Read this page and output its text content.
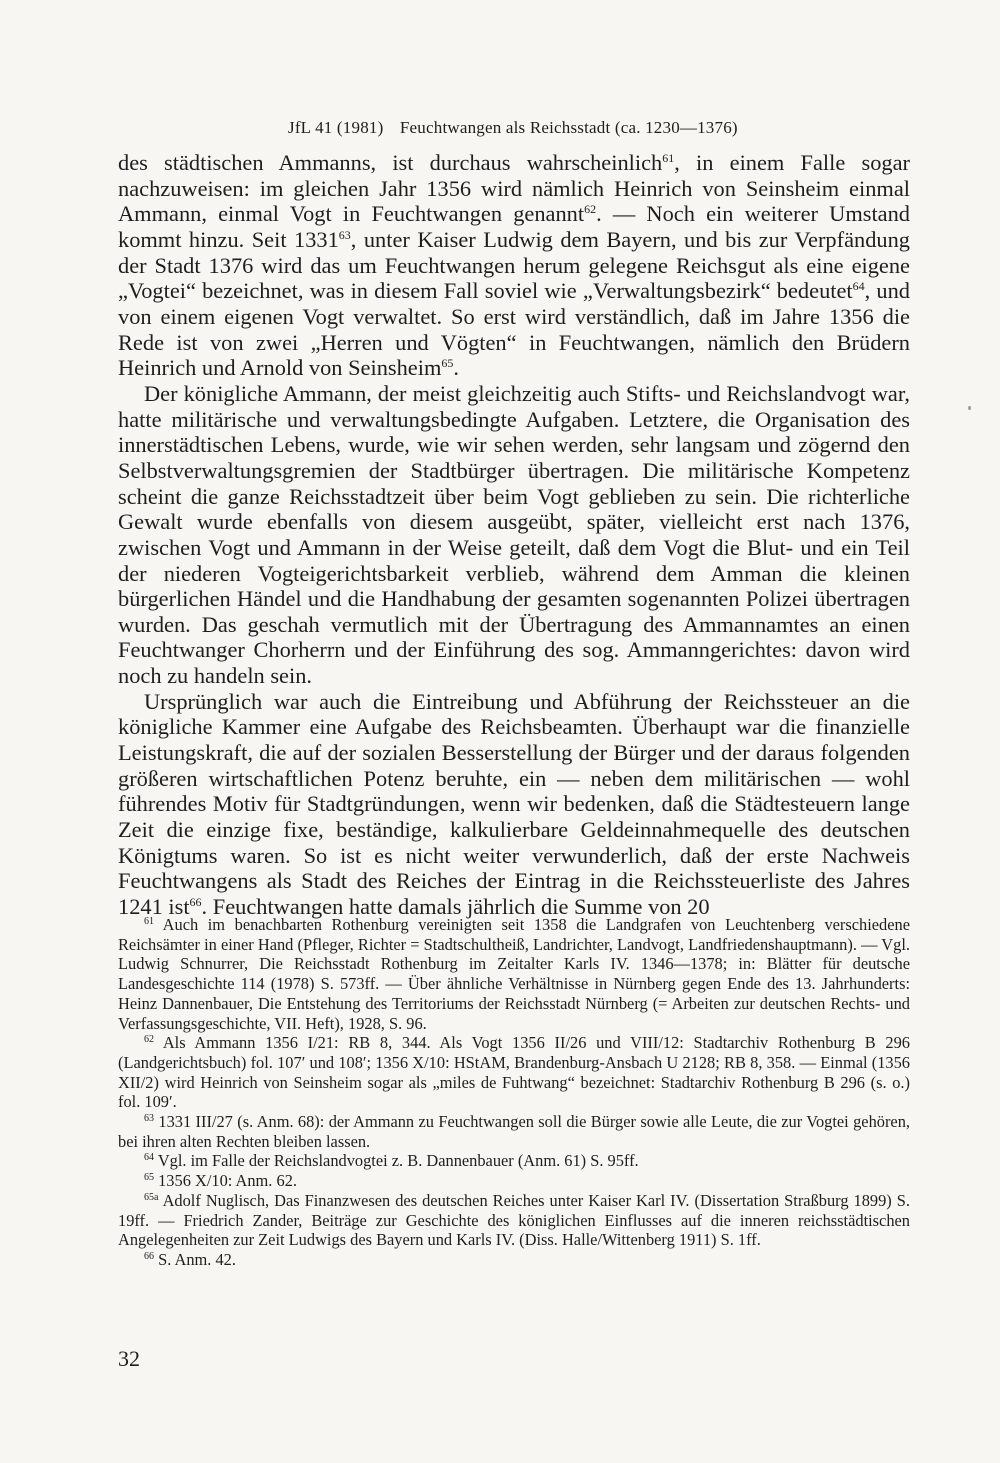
JfL 41 (1981) Feuchtwangen als Reichsstadt (ca. 1230—1376)

des städtischen Ammanns, ist durchaus wahrscheinlich$^{61}$, in einem Falle sogar nachzuweisen: im gleichen Jahr 1356 wird nämlich Heinrich von Seinsheim einmal Ammann, einmal Vogt in Feuchtwangen genannt$^{62}$. — Noch ein weiterer Umstand kommt hinzu. Seit 1331$^{63}$, unter Kaiser Ludwig dem Bayern, und bis zur Verpfändung der Stadt 1376 wird das um Feuchtwangen herum gelegene Reichsgut als eine eigene „Vogtei“ bezeichnet, was in diesem Fall soviel wie „Verwaltungsbezirk“ bedeutet$^{64}$, und von einem eigenen Vogt verwaltet. So erst wird verständlich, daß im Jahre 1356 die Rede ist von zwei „Herren und Vögten“ in Feuchtwangen, nämlich den Brüdern Heinrich und Arnold von Seinsheim$^{65}$.

Der königliche Ammann, der meist gleichzeitig auch Stifts- und Reichslandvogt war, hatte militärische und verwaltungsbedingte Aufgaben. Letztere, die Organisation des innerstädtischen Lebens, wurde, wie wir sehen werden, sehr langsam und zögernd den Selbstverwaltungsgremien der Stadtbürger übertragen. Die militärische Kompetenz scheint die ganze Reichsstadtzeit über beim Vogt geblieben zu sein. Die richterliche Gewalt wurde ebenfalls von diesem ausgeübt, später, vielleicht erst nach 1376, zwischen Vogt und Ammann in der Weise geteilt, daß dem Vogt die Blut- und ein Teil der niederen Vogteigerichtsbarkeit verblieb, während dem Amman die kleinen bürgerlichen Händel und die Handhabung der gesamten sogenannten Polizei übertragen wurden. Das geschah vermutlich mit der Übertragung des Ammannamtes an einen Feuchtwanger Chorherrn und der Einführung des sog. Ammanngerichtes: davon wird noch zu handeln sein.

Ursprünglich war auch die Eintreibung und Abführung der Reichssteuer an die königliche Kammer eine Aufgabe des Reichsbeamten. Überhaupt war die finanzielle Leistungskraft, die auf der sozialen Besserstellung der Bürger und der daraus folgenden größeren wirtschaftlichen Potenz beruhte, ein — neben dem militärischen — wohl führendes Motiv für Stadtgründungen, wenn wir bedenken, daß die Städtesteuern lange Zeit die einzige fixe, beständige, kalkulierbare Geldeinnahmequelle des deutschen Königtums waren. So ist es nicht weiter verwunderlich, daß der erste Nachweis Feuchtwangens als Stadt des Reiches der Eintrag in die Reichssteuerliste des Jahres 1241 ist$^{66}$. Feuchtwangen hatte damals jährlich die Summe von 20

$^{61}$ Auch im benachbarten Rothenburg vereinigten seit 1358 die Landgrafen von Leuchtenberg verschiedene Reichsämter in einer Hand (Pfleger, Richter = Stadtschultheiß, Landrichter, Landvogt, Landfriedenshauptmann). — Vgl. Ludwig Schnurrer, Die Reichsstadt Rothenburg im Zeitalter Karls IV. 1346—1378; in: Blätter für deutsche Landesgeschichte 114 (1978) S. 573ff. — Über ähnliche Verhältnisse in Nürnberg gegen Ende des 13. Jahrhunderts: Heinz Dannenbauer, Die Entstehung des Territoriums der Reichsstadt Nürnberg (= Arbeiten zur deutschen Rechts- und Verfassungsgeschichte, VII. Heft), 1928, S. 96.

$^{62}$ Als Ammann 1356 I/21: RB 8, 344. Als Vogt 1356 II/26 und VIII/12: Stadtarchiv Rothenburg B 296 (Landgerichtsbuch) fol. 107′ und 108′; 1356 X/10: HStAM, Brandenburg-Ansbach U 2128; RB 8, 358. — Einmal (1356 XII/2) wird Heinrich von Seinsheim sogar als „miles de Fuhtwang“ bezeichnet: Stadtarchiv Rothenburg B 296 (s. o.) fol. 109′.

$^{63}$ 1331 III/27 (s. Anm. 68): der Ammann zu Feuchtwangen soll die Bürger sowie alle Leute, die zur Vogtei gehören, bei ihren alten Rechten bleiben lassen.

$^{64}$ Vgl. im Falle der Reichslandvogtei z. B. Dannenbauer (Anm. 61) S. 95ff.

$^{65}$ 1356 X/10: Anm. 62.

$^{65a}$ Adolf Nuglisch, Das Finanzwesen des deutschen Reiches unter Kaiser Karl IV. (Dissertation Straßburg 1899) S. 19ff. — Friedrich Zander, Beiträge zur Geschichte des königlichen Einflusses auf die inneren reichsstädtischen Angelegenheiten zur Zeit Ludwigs des Bayern und Karls IV. (Diss. Halle/Wittenberg 1911) S. 1ff.

$^{66}$ S. Anm. 42.

32
